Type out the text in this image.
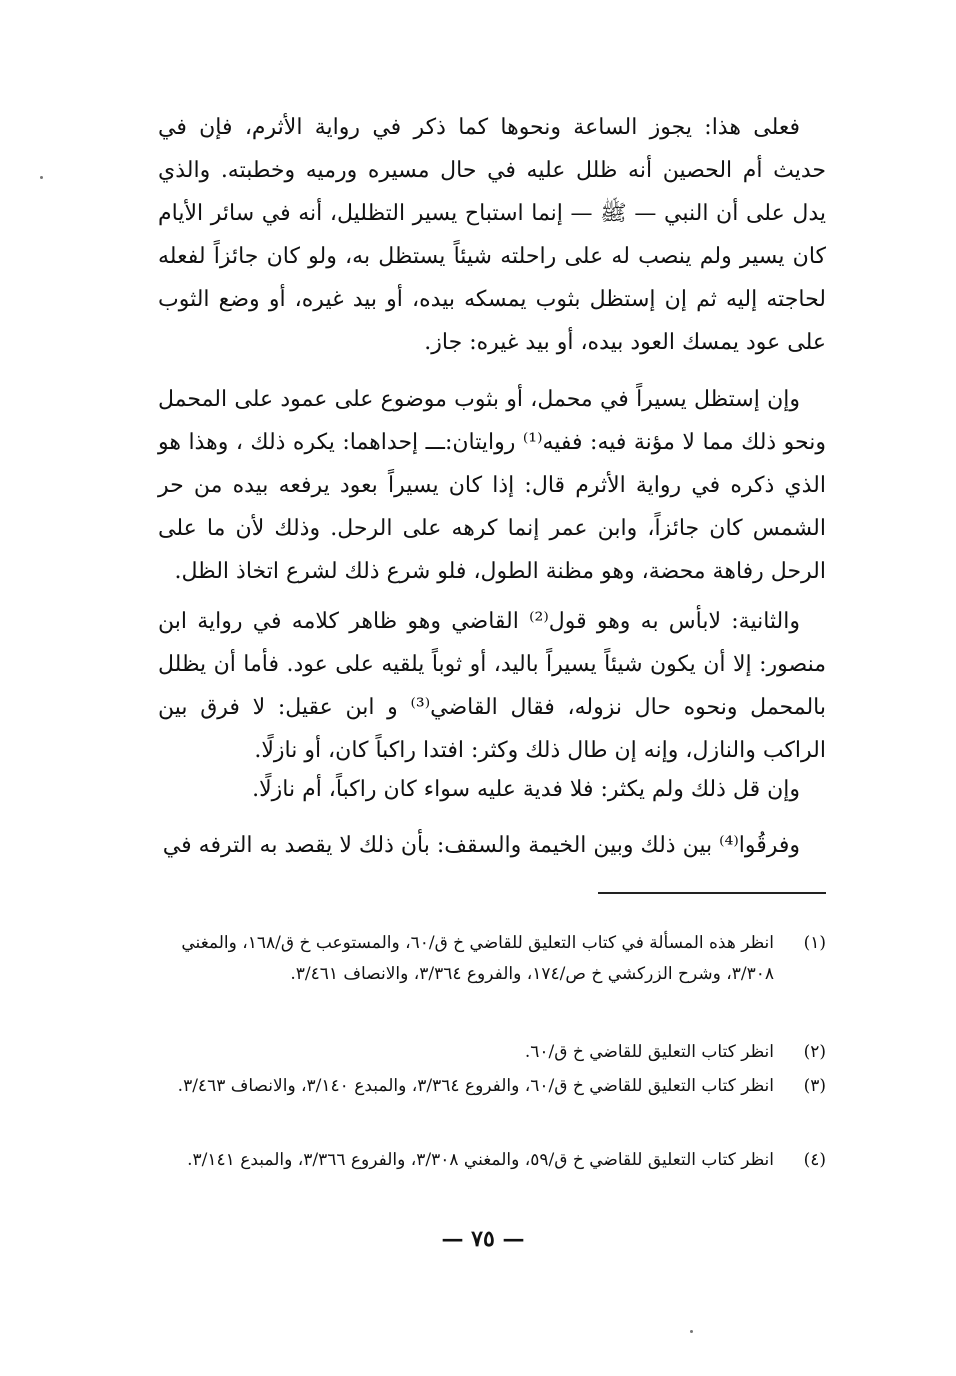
فعلى هذا: يجوز الساعة ونحوها كما ذكر في رواية الأثرم، فإن في حديث أم الحصين أنه ظلل عليه في حال مسيره ورميه وخطبته. والذي يدل على أن النبي — ﷺ — إنما استباح يسير التظليل، أنه في سائر الأيام كان يسير ولم ينصب له على راحلته شيئاً يستظل به، ولو كان جائزاً لفعله لحاجته إليه ثم إن إستظل بثوب يمسكه بيده، أو بيد غيره، أو وضع الثوب على عود يمسك العود بيده، أو بيد غيره: جاز.

وإن إستظل يسيراً في محمل، أو بثوب موضوع على عمود على المحمل ونحو ذلك مما لا مؤنة فيه: ففيه⁽¹⁾ روايتان:ـــ إحداهما: يكره ذلك ، وهذا هو الذي ذكره في رواية الأثرم قال: إذا كان يسيراً بعود يرفعه بيده من حر الشمس كان جائزاً، وابن عمر إنما كرهه على الرحل. وذلك لأن ما على الرحل رفاهة محضة، وهو مظنة الطول، فلو شرع ذلك لشرع اتخاذ الظل.

والثانية: لابأس به وهو قول⁽²⁾ القاضي وهو ظاهر كلامه في رواية ابن منصور: إلا أن يكون شيئاً يسيراً باليد، أو ثوباً يلقيه على عود. فأما أن يظلل بالمحمل ونحوه حال نزوله، فقال القاضي⁽³⁾ و ابن عقيل: لا فرق بين الراكب والنازل، وإنه إن طال ذلك وكثر: افتدا راكباً كان، أو نازلًا.

وإن قل ذلك ولم يكثر: فلا فدية عليه سواء كان راكباً، أم نازلًا.

وفرقُوا⁽⁴⁾ بين ذلك وبين الخيمة والسقف: بأن ذلك لا يقصد به الترفه في

(١)
انظر هذه المسألة في كتاب التعليق للقاضي خ ق/٦٠، والمستوعب خ ق/١٦٨، والمغني ٣/٣٠٨، وشرح الزركشي خ ص/١٧٤، والفروع ٣/٣٦٤، والانصاف ٣/٤٦١.
(٢)
انظر كتاب التعليق للقاضي خ ق/٦٠.
(٣)
انظر كتاب التعليق للقاضي خ ق/٦٠، والفروع ٣/٣٦٤، والمبدع ٣/١٤٠، والانصاف ٣/٤٦٣.
(٤)
انظر كتاب التعليق للقاضي خ ق/٥٩، والمغني ٣/٣٠٨، والفروع ٣/٣٦٦، والمبدع ٣/١٤١.
— ٧٥ —
